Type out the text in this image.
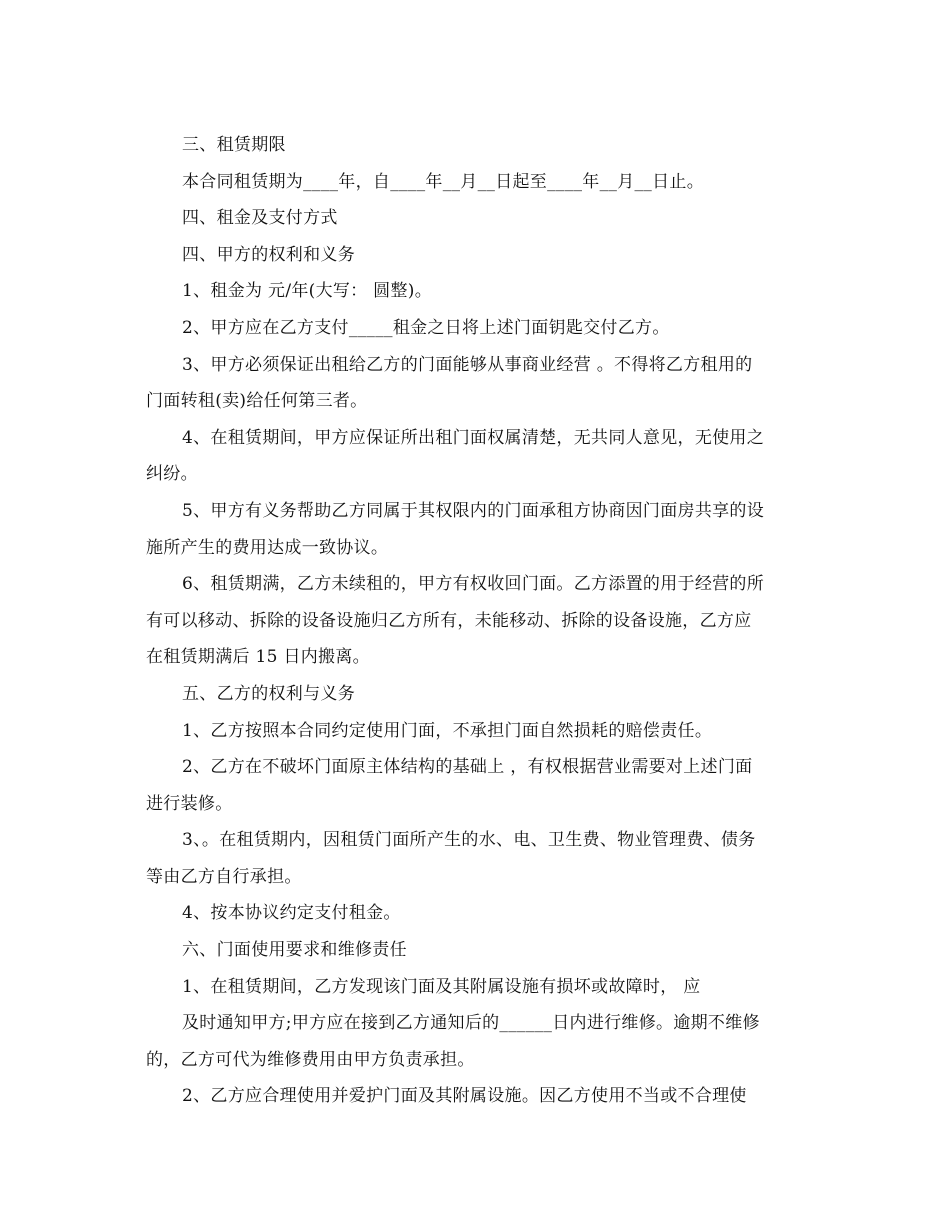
三、租赁期限
本合同租赁期为____年，自____年__月__日起至____年__月__日止。
四、租金及支付方式
四、甲方的权利和义务
1、租金为 元/年(大写： 圆整)。
2、甲方应在乙方支付_____租金之日将上述门面钥匙交付乙方。
3、甲方必须保证出租给乙方的门面能够从事商业经营 。不得将乙方租用的
门面转租(卖)给任何第三者。
4、在租赁期间，甲方应保证所出租门面权属清楚，无共同人意见，无使用之
纠纷。
5、甲方有义务帮助乙方同属于其权限内的门面承租方协商因门面房共享的设
施所产生的费用达成一致协议。
6、租赁期满，乙方未续租的，甲方有权收回门面。乙方添置的用于经营的所
有可以移动、拆除的设备设施归乙方所有，未能移动、拆除的设备设施，乙方应
在租赁期满后 15 日内搬离。
五、乙方的权利与义务
1、乙方按照本合同约定使用门面，不承担门面自然损耗的赔偿责任。
2、乙方在不破坏门面原主体结构的基础上 ，有权根据营业需要对上述门面
进行装修。
3、。在租赁期内，因租赁门面所产生的水、电、卫生费、物业管理费、债务
等由乙方自行承担。
4、按本协议约定支付租金。
六、门面使用要求和维修责任
1、在租赁期间，乙方发现该门面及其附属设施有损坏或故障时， 应
及时通知甲方;甲方应在接到乙方通知后的______日内进行维修。逾期不维修
的，乙方可代为维修费用由甲方负责承担。
2、乙方应合理使用并爱护门面及其附属设施。因乙方使用不当或不合理使
